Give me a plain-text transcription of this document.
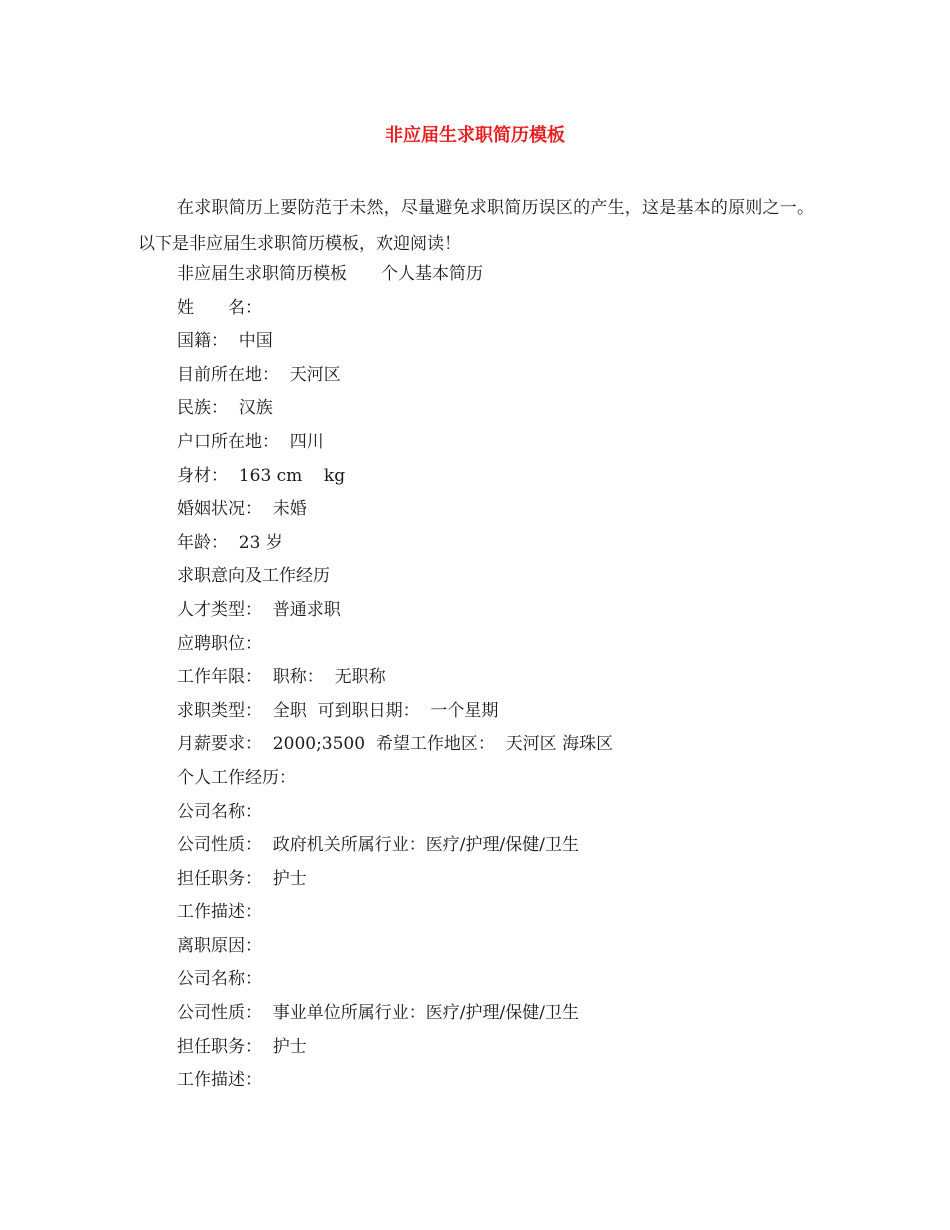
非应届生求职简历模板
在求职简历上要防范于未然，尽量避免求职简历误区的产生，这是基本的原则之一。以下是非应届生求职简历模板，欢迎阅读！
非应届生求职简历模板　　个人基本简历
姓　　名：
国籍：  中国
目前所在地：  天河区
民族：  汉族
户口所在地：  四川
身材：  163 cm    kg
婚姻状况：  未婚
年龄：  23 岁
求职意向及工作经历
人才类型：  普通求职
应聘职位：
工作年限：  职称：  无职称
求职类型：  全职  可到职日期：  一个星期
月薪要求：  2000;3500  希望工作地区：  天河区 海珠区
个人工作经历：
公司名称：
公司性质：  政府机关所属行业：医疗/护理/保健/卫生
担任职务：  护士
工作描述：
离职原因：
公司名称：
公司性质：  事业单位所属行业：医疗/护理/保健/卫生
担任职务：  护士
工作描述：
